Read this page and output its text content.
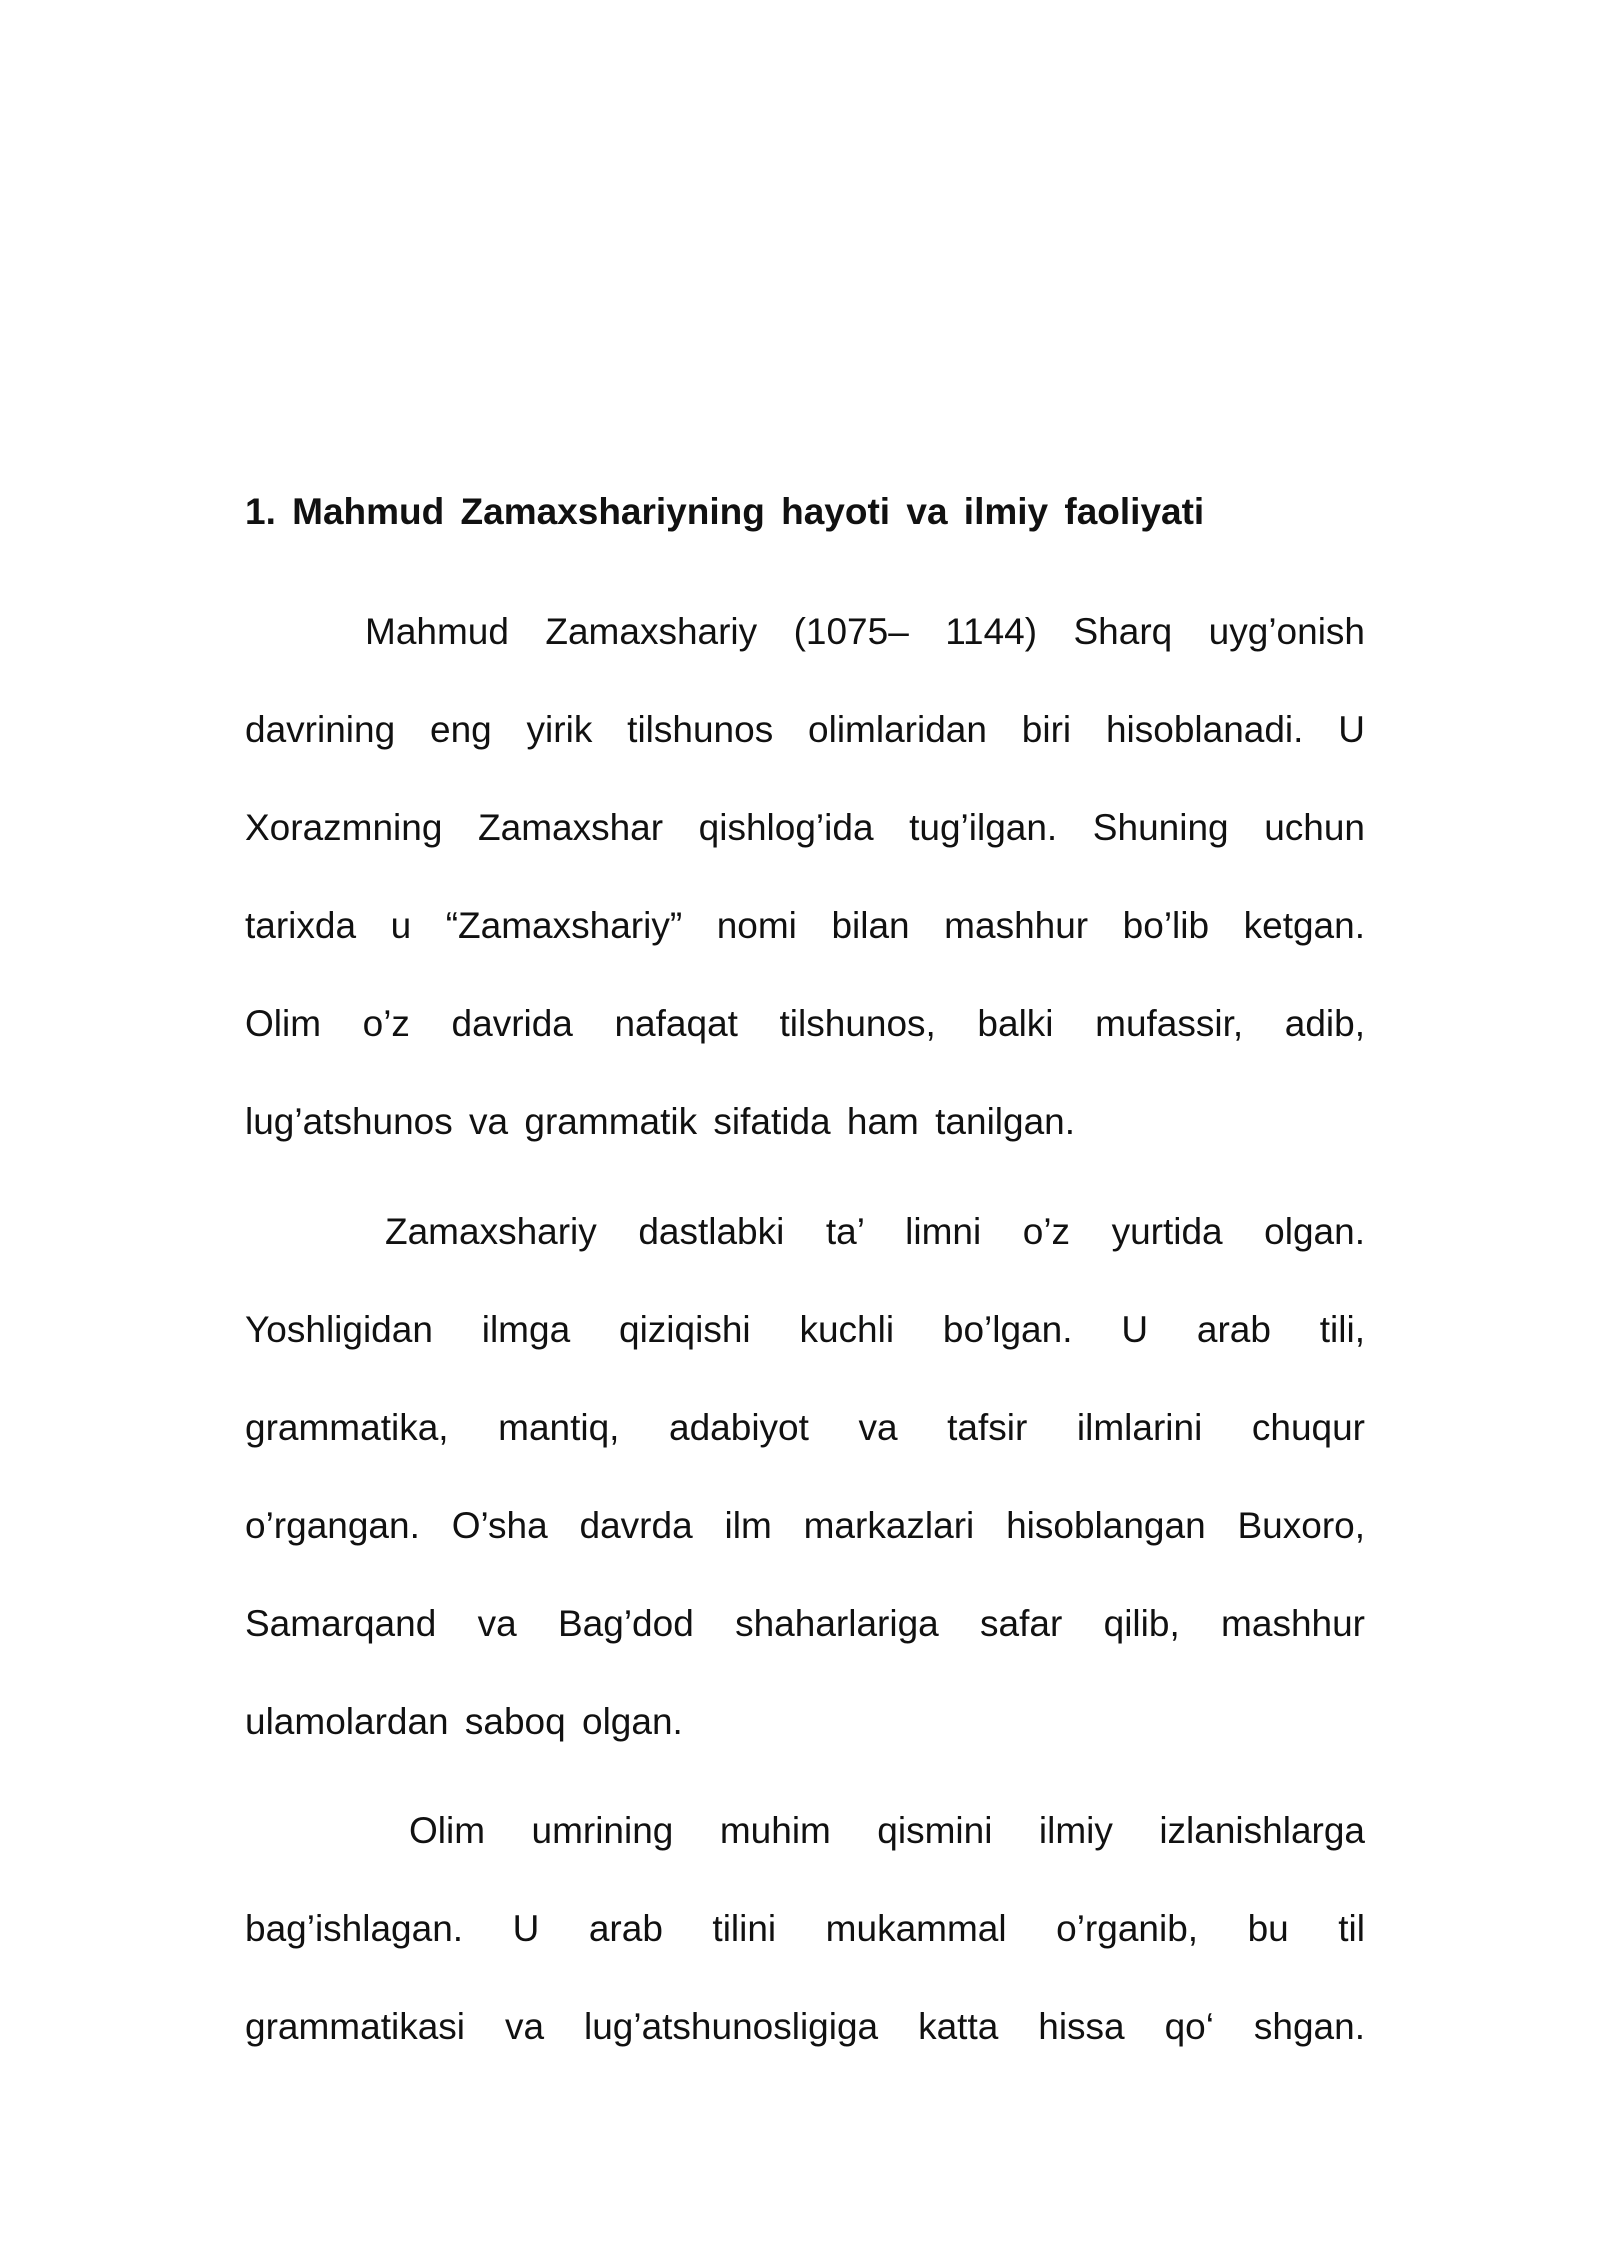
1. Mahmud Zamaxshariyning hayoti va ilmiy faoliyati
Mahmud Zamaxshariy (1075– 1144) Sharq uyg’onish
davrining eng yirik tilshunos olimlaridan biri hisoblanadi. U
Xorazmning Zamaxshar qishlog’ida tug’ilgan. Shuning uchun
tarixda u “Zamaxshariy” nomi bilan mashhur bo’lib ketgan.
Olim o’z davrida nafaqat tilshunos, balki mufassir, adib,
lug’atshunos va grammatik sifatida ham tanilgan.
Zamaxshariy dastlabki ta’ limni o’z yurtida olgan.
Yoshligidan ilmga qiziqishi kuchli bo’lgan. U arab tili,
grammatika, mantiq, adabiyot va tafsir ilmlarini chuqur
o’rgangan. O’sha davrda ilm markazlari hisoblangan Buxoro,
Samarqand va Bag’dod shaharlariga safar qilib, mashhur
ulamolardan saboq olgan.
Olim umrining muhim qismini ilmiy izlanishlarga
bag’ishlagan. U arab tilini mukammal o’rganib, bu til
grammatikasi va lug’atshunosligiga katta hissa qo‘ shgan.
